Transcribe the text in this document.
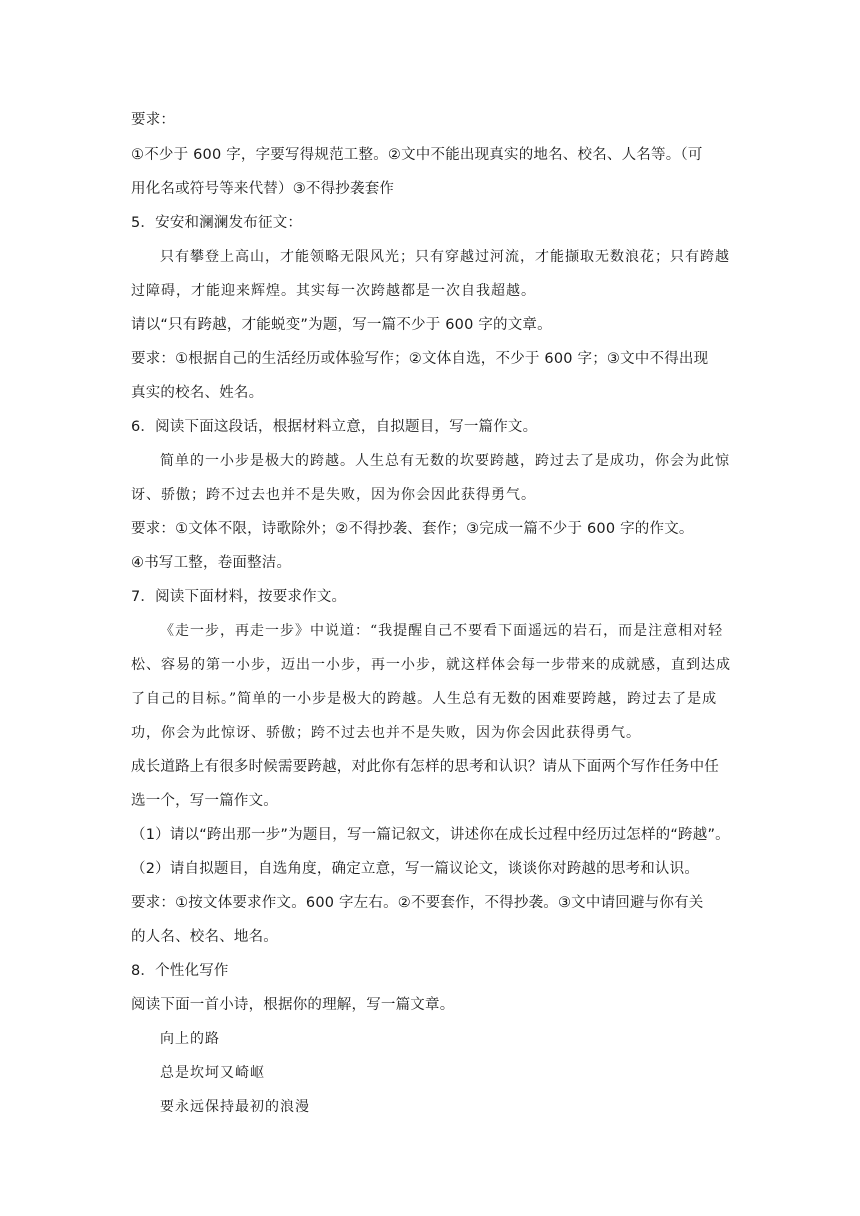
要求：
①不少于 600 字，字要写得规范工整。②文中不能出现真实的地名、校名、人名等。（可
用化名或符号等来代替）③不得抄袭套作
5．安安和澜澜发布征文：
只有攀登上高山，才能领略无限风光；只有穿越过河流，才能撷取无数浪花；只有跨越
过障碍，才能迎来辉煌。其实每一次跨越都是一次自我超越。
请以“只有跨越，才能蜕变”为题，写一篇不少于 600 字的文章。
要求：①根据自己的生活经历或体验写作；②文体自选，不少于 600 字；③文中不得出现
真实的校名、姓名。
6．阅读下面这段话，根据材料立意，自拟题目，写一篇作文。
简单的一小步是极大的跨越。人生总有无数的坎要跨越，跨过去了是成功，你会为此惊
讶、骄傲；跨不过去也并不是失败，因为你会因此获得勇气。
要求：①文体不限，诗歌除外；②不得抄袭、套作；③完成一篇不少于 600 字的作文。
④书写工整，卷面整洁。
7．阅读下面材料，按要求作文。
《走一步，再走一步》中说道：“我提醒自己不要看下面遥远的岩石，而是注意相对轻
松、容易的第一小步，迈出一小步，再一小步，就这样体会每一步带来的成就感，直到达成
了自己的目标。”简单的一小步是极大的跨越。人生总有无数的困难要跨越，跨过去了是成
功，你会为此惊讶、骄傲；跨不过去也并不是失败，因为你会因此获得勇气。
成长道路上有很多时候需要跨越，对此你有怎样的思考和认识？请从下面两个写作任务中任
选一个，写一篇作文。
（1）请以“跨出那一步”为题目，写一篇记叙文，讲述你在成长过程中经历过怎样的“跨越”。
（2）请自拟题目，自选角度，确定立意，写一篇议论文，谈谈你对跨越的思考和认识。
要求：①按文体要求作文。600 字左右。②不要套作，不得抄袭。③文中请回避与你有关
的人名、校名、地名。
8．个性化写作
阅读下面一首小诗，根据你的理解，写一篇文章。
向上的路
总是坎坷又崎岖
要永远保持最初的浪漫
